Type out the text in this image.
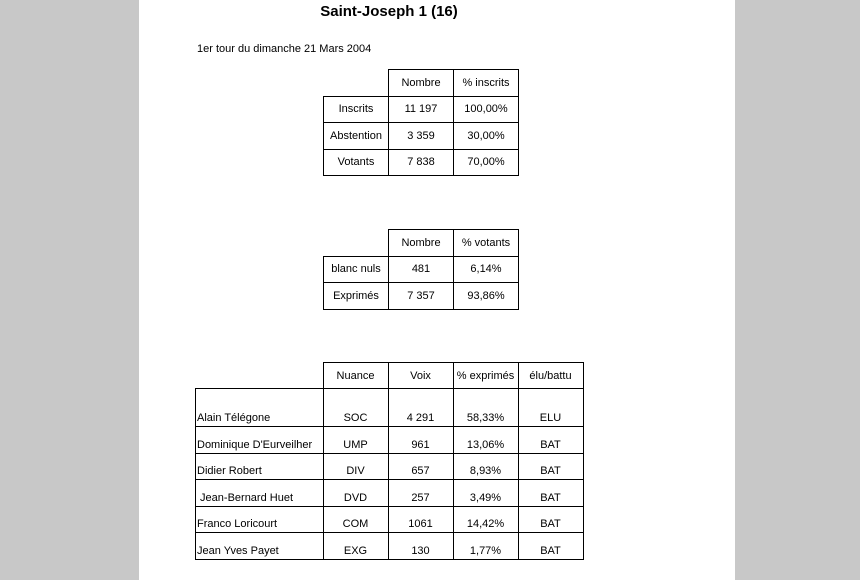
Saint-Joseph 1 (16)
1er tour du dimanche 21 Mars 2004
	Nombre	% inscrits
Inscrits	11 197	100,00%
Abstention	3 359	30,00%
Votants	7 838	70,00%
	Nombre	% votants
blanc nuls	481	6,14%
Exprimés	7 357	93,86%
	Nuance	Voix	% exprimés	élu/battu
Alain Télégone	SOC	4 291	58,33%	ELU
Dominique D'Eurveilher	UMP	961	13,06%	BAT
Didier Robert	DIV	657	8,93%	BAT
Jean-Bernard Huet	DVD	257	3,49%	BAT
Franco Loricourt	COM	1061	14,42%	BAT
Jean Yves Payet	EXG	130	1,77%	BAT
